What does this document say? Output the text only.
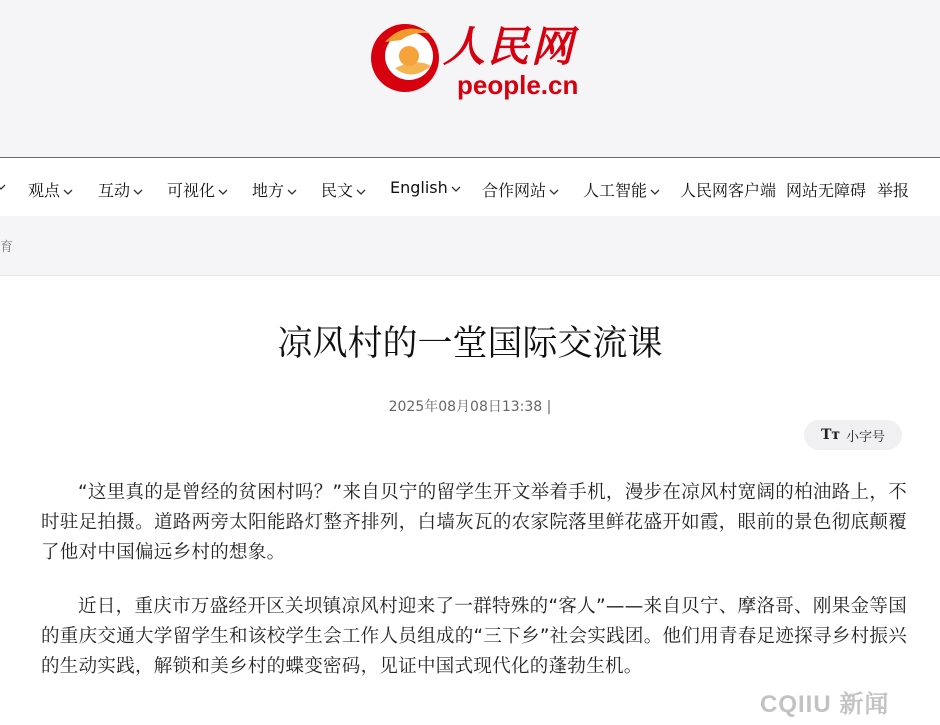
人民网
people.cn
观点	互动	可视化	地方	民文	English	合作网站	人工智能	人民网客户端 网站无障碍 举报
育
凉风村的一堂国际交流课
2025年08月08日13:38 |
Tт 小字号

“这里真的是曾经的贫困村吗？”来自贝宁的留学生开文举着手机，漫步在凉风村宽阔的柏油路上，不时驻足拍摄。道路两旁太阳能路灯整齐排列，白墙灰瓦的农家院落里鲜花盛开如霞，眼前的景色彻底颠覆了他对中国偏远乡村的想象。

近日，重庆市万盛经开区关坝镇凉风村迎来了一群特殊的“客人”——来自贝宁、摩洛哥、刚果金等国的重庆交通大学留学生和该校学生会工作人员组成的“三下乡”社会实践团。他们用青春足迹探寻乡村振兴的生动实践，解锁和美乡村的蝶变密码，见证中国式现代化的蓬勃生机。

CQIIU 新闻
